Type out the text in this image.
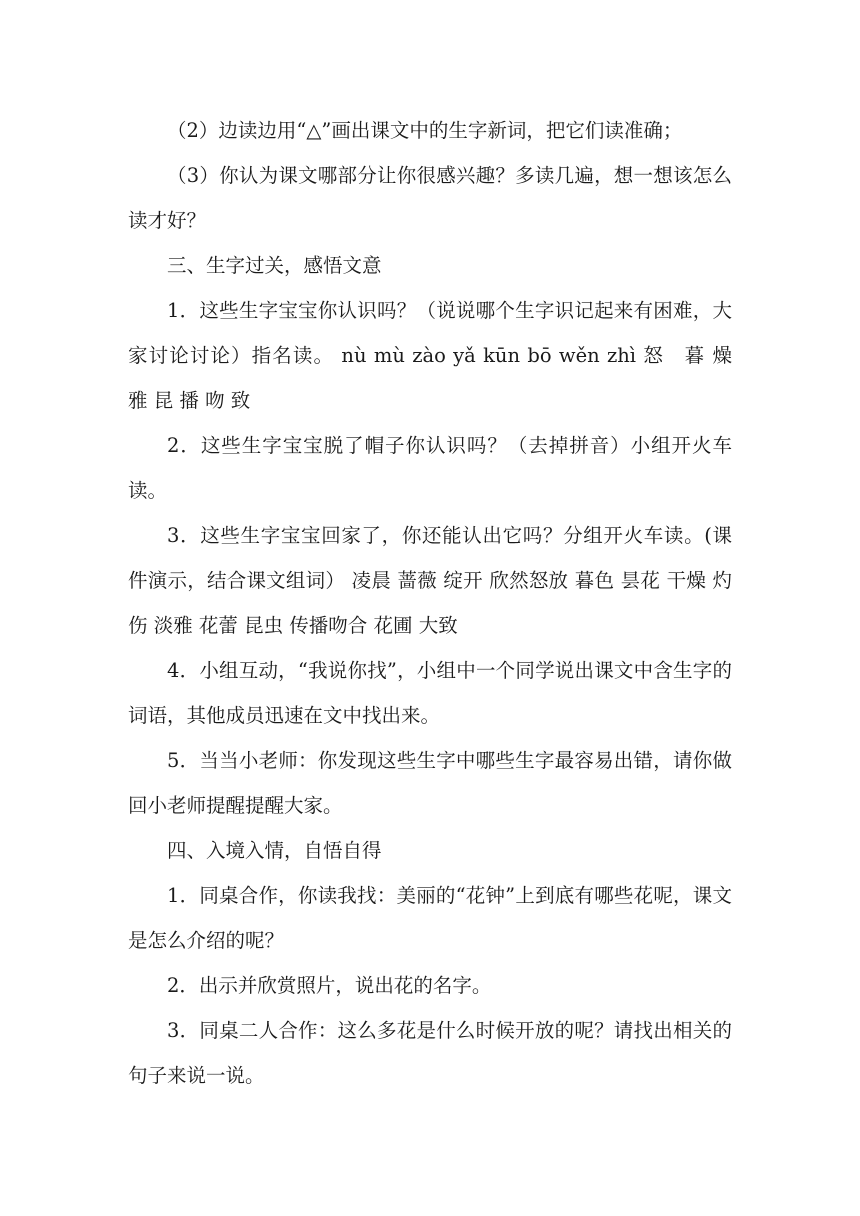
（2）边读边用“△”画出课文中的生字新词，把它们读准确；

（3）你认为课文哪部分让你很感兴趣？多读几遍，想一想该怎么读才好？

三、生字过关，感悟文意

1．这些生字宝宝你认识吗？（说说哪个生字识记起来有困难，大家讨论讨论）指名读。 nù mù zào yǎ kūn bō wěn zhì 怒　暮 燥 雅 昆 播 吻 致

2．这些生字宝宝脱了帽子你认识吗？（去掉拼音）小组开火车读。

3．这些生字宝宝回家了，你还能认出它吗？分组开火车读。(课件演示，结合课文组词） 凌晨 蔷薇 绽开 欣然怒放 暮色 昙花 干燥 灼伤 淡雅 花蕾 昆虫 传播吻合 花圃 大致

4．小组互动，“我说你找”，小组中一个同学说出课文中含生字的词语，其他成员迅速在文中找出来。

5．当当小老师：你发现这些生字中哪些生字最容易出错，请你做回小老师提醒提醒大家。

四、入境入情，自悟自得

1．同桌合作，你读我找：美丽的“花钟”上到底有哪些花呢，课文是怎么介绍的呢？

2．出示并欣赏照片，说出花的名字。

3．同桌二人合作：这么多花是什么时候开放的呢？请找出相关的句子来说一说。
